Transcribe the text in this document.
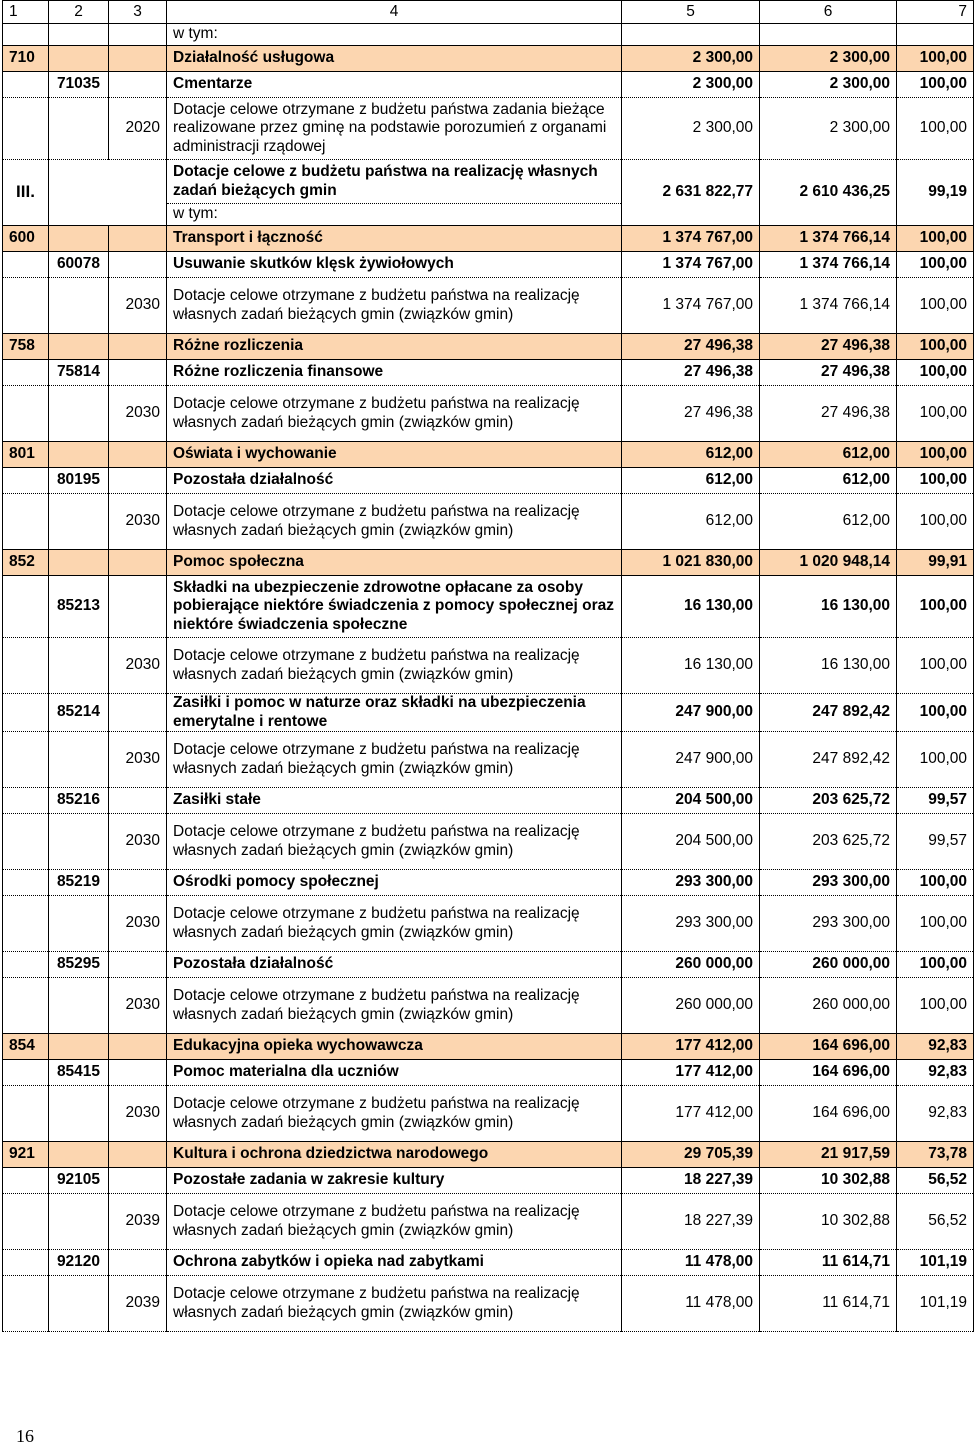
1	2	3	4	5	6	7
			w tym:			
710			Działalność usługowa	2 300,00	2 300,00	100,00
	71035		Cmentarze	2 300,00	2 300,00	100,00
		2020	Dotacje celowe otrzymane z budżetu państwa zadania bieżące realizowane przez gminę na podstawie porozumień z organami administracji rządowej	2 300,00	2 300,00	100,00
III.			Dotacje celowe z budżetu państwa na realizację własnych zadań bieżących gmin	2 631 822,77	2 610 436,25	99,19
			w tym:			
600			Transport i łączność	1 374 767,00	1 374 766,14	100,00
	60078		Usuwanie skutków klęsk żywiołowych	1 374 767,00	1 374 766,14	100,00
		2030	Dotacje celowe otrzymane z budżetu państwa na realizację własnych zadań bieżących gmin (związków gmin)	1 374 767,00	1 374 766,14	100,00
758			Różne rozliczenia	27 496,38	27 496,38	100,00
	75814		Różne rozliczenia finansowe	27 496,38	27 496,38	100,00
		2030	Dotacje celowe otrzymane z budżetu państwa na realizację własnych zadań bieżących gmin (związków gmin)	27 496,38	27 496,38	100,00
801			Oświata i wychowanie	612,00	612,00	100,00
	80195		Pozostała działalność	612,00	612,00	100,00
		2030	Dotacje celowe otrzymane z budżetu państwa na realizację własnych zadań bieżących gmin (związków gmin)	612,00	612,00	100,00
852			Pomoc społeczna	1 021 830,00	1 020 948,14	99,91
	85213		Składki na ubezpieczenie zdrowotne opłacane za osoby pobierające niektóre świadczenia z pomocy społecznej oraz niektóre świadczenia społeczne	16 130,00	16 130,00	100,00
		2030	Dotacje celowe otrzymane z budżetu państwa na realizację własnych zadań bieżących gmin (związków gmin)	16 130,00	16 130,00	100,00
	85214		Zasiłki i pomoc w naturze oraz składki na ubezpieczenia emerytalne i rentowe	247 900,00	247 892,42	100,00
		2030	Dotacje celowe otrzymane z budżetu państwa na realizację własnych zadań bieżących gmin (związków gmin)	247 900,00	247 892,42	100,00
	85216		Zasiłki stałe	204 500,00	203 625,72	99,57
		2030	Dotacje celowe otrzymane z budżetu państwa na realizację własnych zadań bieżących gmin (związków gmin)	204 500,00	203 625,72	99,57
	85219		Ośrodki pomocy społecznej	293 300,00	293 300,00	100,00
		2030	Dotacje celowe otrzymane z budżetu państwa na realizację własnych zadań bieżących gmin (związków gmin)	293 300,00	293 300,00	100,00
	85295		Pozostała działalność	260 000,00	260 000,00	100,00
		2030	Dotacje celowe otrzymane z budżetu państwa na realizację własnych zadań bieżących gmin (związków gmin)	260 000,00	260 000,00	100,00
854			Edukacyjna opieka wychowawcza	177 412,00	164 696,00	92,83
	85415		Pomoc materialna dla uczniów	177 412,00	164 696,00	92,83
		2030	Dotacje celowe otrzymane z budżetu państwa na realizację własnych zadań bieżących gmin (związków gmin)	177 412,00	164 696,00	92,83
921			Kultura i ochrona dziedzictwa narodowego	29 705,39	21 917,59	73,78
	92105		Pozostałe zadania w zakresie kultury	18 227,39	10 302,88	56,52
		2039	Dotacje celowe otrzymane z budżetu państwa na realizację własnych zadań bieżących gmin (związków gmin)	18 227,39	10 302,88	56,52
	92120		Ochrona zabytków i opieka nad zabytkami	11 478,00	11 614,71	101,19
		2039	Dotacje celowe otrzymane z budżetu państwa na realizację własnych zadań bieżących gmin (związków gmin)	11 478,00	11 614,71	101,19
16
